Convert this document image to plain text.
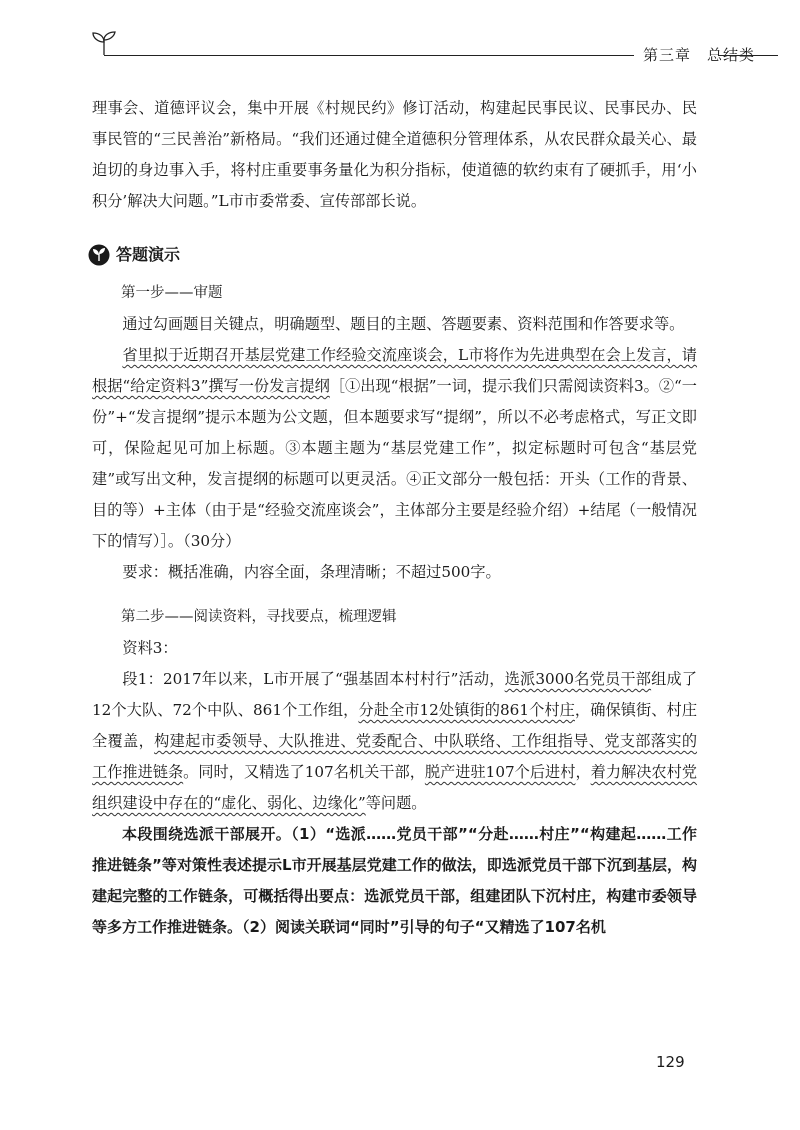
第三章 总结类

理事会、道德评议会，集中开展《村规民约》修订活动，构建起民事民议、民事民办、民事民管的“三民善治”新格局。“我们还通过健全道德积分管理体系，从农民群众最关心、最迫切的身边事入手，将村庄重要事务量化为积分指标，使道德的软约束有了硬抓手，用‘小积分’解决大问题。”L市市委常委、宣传部部长说。

答题演示

第一步——审题

通过勾画题目关键点，明确题型、题目的主题、答题要素、资料范围和作答要求等。

省里拟于近期召开基层党建工作经验交流座谈会，L市将作为先进典型在会上发言，请根据“给定资料3”撰写一份发言提纲［①出现“根据”一词，提示我们只需阅读资料3。②“一份”+“发言提纲”提示本题为公文题，但本题要求写“提纲”，所以不必考虑格式，写正文即可，保险起见可加上标题。③本题主题为“基层党建工作”，拟定标题时可包含“基层党建”或写出文种，发言提纲的标题可以更灵活。④正文部分一般包括：开头（工作的背景、目的等）+主体（由于是“经验交流座谈会”，主体部分主要是经验介绍）+结尾（一般情况下的情写）］。（30分）

要求：概括准确，内容全面，条理清晰；不超过500字。

第二步——阅读资料，寻找要点，梳理逻辑

资料3：

段1：2017年以来，L市开展了“强基固本村村行”活动，选派3000名党员干部组成了12个大队、72个中队、861个工作组，分赴全市12处镇街的861个村庄，确保镇街、村庄全覆盖，构建起市委领导、大队推进、党委配合、中队联络、工作组指导、党支部落实的工作推进链条。同时，又精选了107名机关干部，脱产进驻107个后进村，着力解决农村党组织建设中存在的“虚化、弱化、边缘化”等问题。

本段围绕选派干部展开。（1）“选派……党员干部”“分赴……村庄”“构建起……工作推进链条”等对策性表述提示L市开展基层党建工作的做法，即选派党员干部下沉到基层，构建起完整的工作链条，可概括得出要点：选派党员干部，组建团队下沉村庄，构建市委领导等多方工作推进链条。（2）阅读关联词“同时”引导的句子“又精选了107名机

129
